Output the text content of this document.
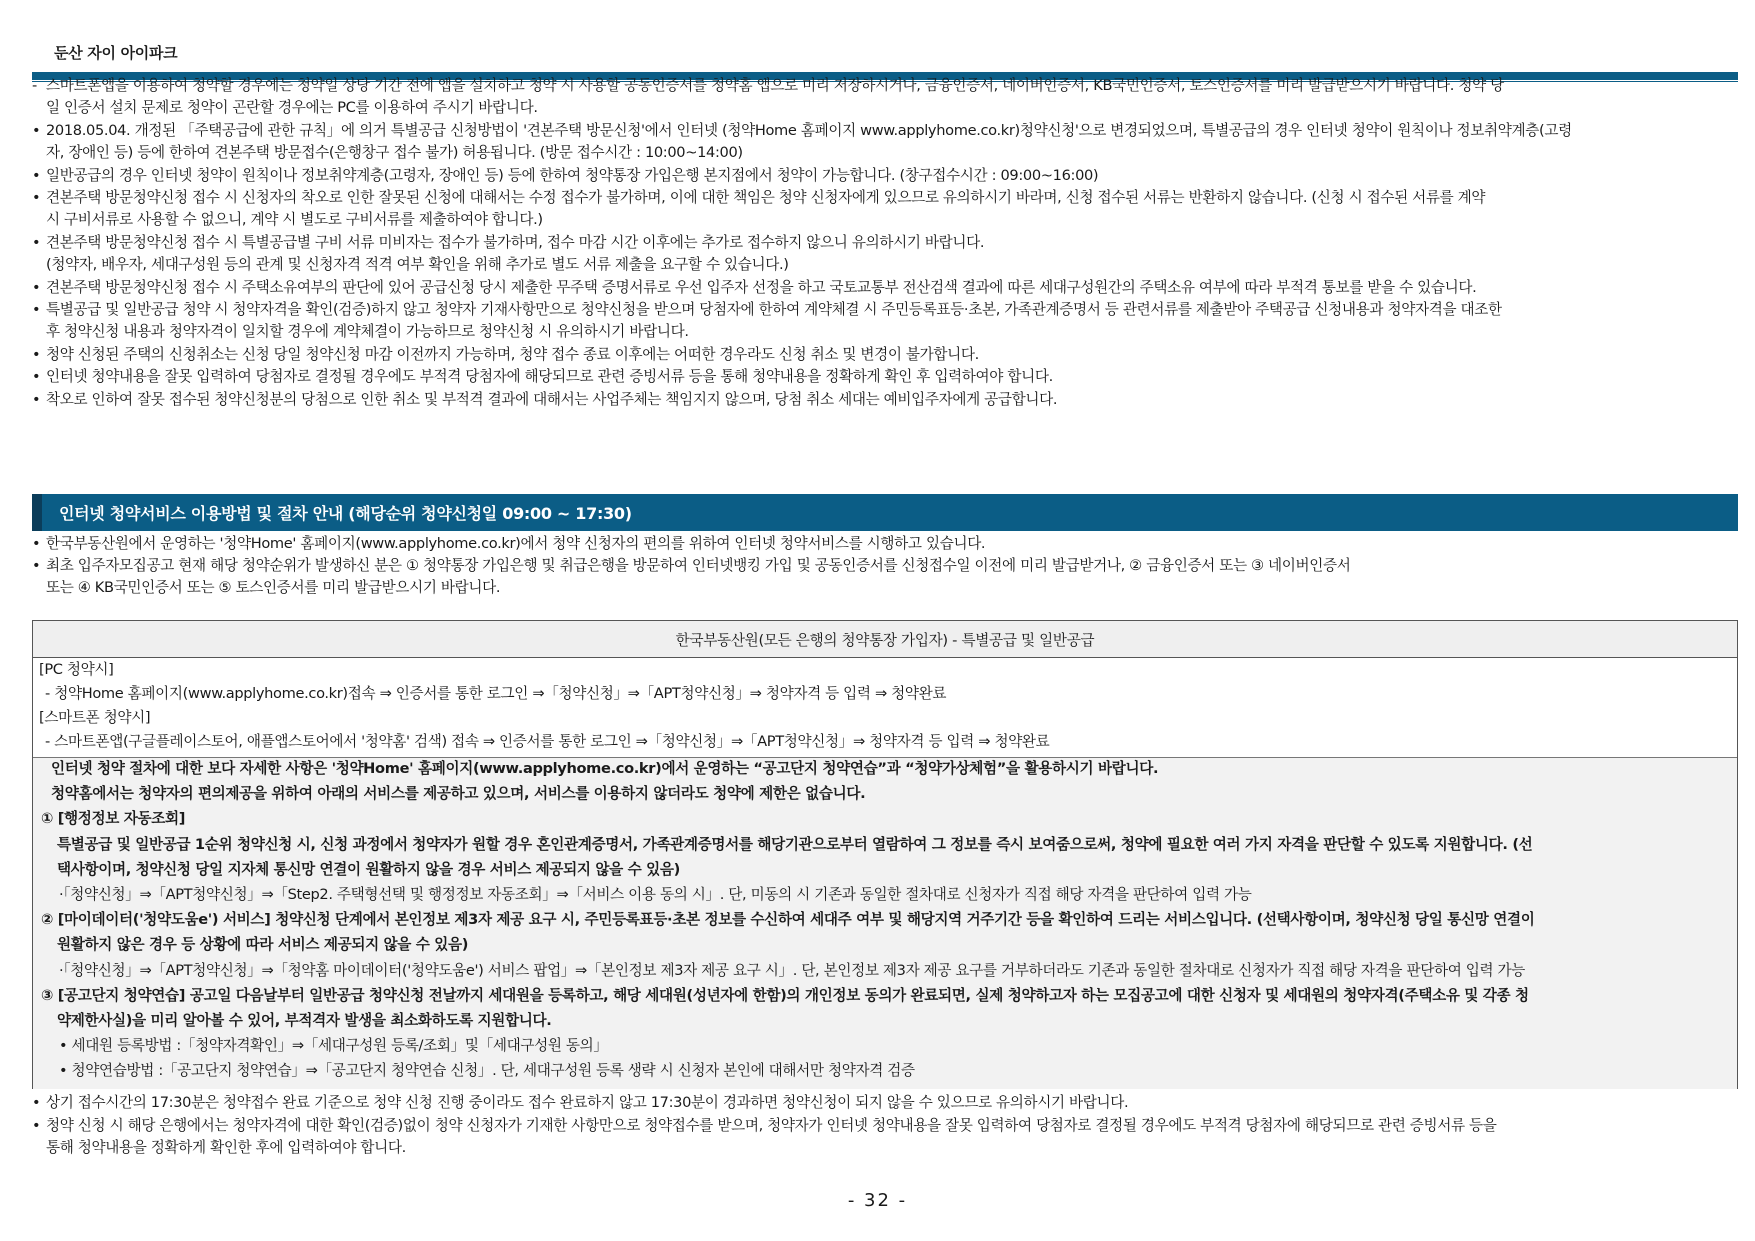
둔산 자이 아이파크
- 스마트폰앱을 이용하여 청약할 경우에는 청약일 상당 기간 전에 앱을 설치하고 청약 시 사용할 공동인증서를 청약홈 앱으로 미리 저장하시거나, 금융인증서, 네이버인증서, KB국민인증서, 토스인증서를 미리 발급받으시기 바랍니다. 청약 당
일 인증서 설치 문제로 청약이 곤란할 경우에는 PC를 이용하여 주시기 바랍니다.
• 2018.05.04. 개정된 「주택공급에 관한 규칙」에 의거 특별공급 신청방법이 '견본주택 방문신청'에서 인터넷 (청약Home 홈페이지 www.applyhome.co.kr)청약신청'으로 변경되었으며, 특별공급의 경우 인터넷 청약이 원칙이나 정보취약계층(고령
자, 장애인 등) 등에 한하여 견본주택 방문접수(은행창구 접수 불가) 허용됩니다. (방문 접수시간 : 10:00~14:00)
• 일반공급의 경우 인터넷 청약이 원칙이나 정보취약계층(고령자, 장애인 등) 등에 한하여 청약통장 가입은행 본지점에서 청약이 가능합니다. (창구접수시간 : 09:00~16:00)
• 견본주택 방문청약신청 접수 시 신청자의 착오로 인한 잘못된 신청에 대해서는 수정 접수가 불가하며, 이에 대한 책임은 청약 신청자에게 있으므로 유의하시기 바라며, 신청 접수된 서류는 반환하지 않습니다. (신청 시 접수된 서류를 계약
시 구비서류로 사용할 수 없으니, 계약 시 별도로 구비서류를 제출하여야 합니다.)
• 견본주택 방문청약신청 접수 시 특별공급별 구비 서류 미비자는 접수가 불가하며, 접수 마감 시간 이후에는 추가로 접수하지 않으니 유의하시기 바랍니다.
(청약자, 배우자, 세대구성원 등의 관계 및 신청자격 적격 여부 확인을 위해 추가로 별도 서류 제출을 요구할 수 있습니다.)
• 견본주택 방문청약신청 접수 시 주택소유여부의 판단에 있어 공급신청 당시 제출한 무주택 증명서류로 우선 입주자 선정을 하고 국토교통부 전산검색 결과에 따른 세대구성원간의 주택소유 여부에 따라 부적격 통보를 받을 수 있습니다.
• 특별공급 및 일반공급 청약 시 청약자격을 확인(검증)하지 않고 청약자 기재사항만으로 청약신청을 받으며 당첨자에 한하여 계약체결 시 주민등록표등·초본, 가족관계증명서 등 관련서류를 제출받아 주택공급 신청내용과 청약자격을 대조한
후 청약신청 내용과 청약자격이 일치할 경우에 계약체결이 가능하므로 청약신청 시 유의하시기 바랍니다.
• 청약 신청된 주택의 신청취소는 신청 당일 청약신청 마감 이전까지 가능하며, 청약 접수 종료 이후에는 어떠한 경우라도 신청 취소 및 변경이 불가합니다.
• 인터넷 청약내용을 잘못 입력하여 당첨자로 결정될 경우에도 부적격 당첨자에 해당되므로 관련 증빙서류 등을 통해 청약내용을 정확하게 확인 후 입력하여야 합니다.
• 착오로 인하여 잘못 접수된 청약신청분의 당첨으로 인한 취소 및 부적격 결과에 대해서는 사업주체는 책임지지 않으며, 당첨 취소 세대는 예비입주자에게 공급합니다.
인터넷 청약서비스 이용방법 및 절차 안내 (해당순위 청약신청일 09:00 ~ 17:30)
• 한국부동산원에서 운영하는 '청약Home' 홈페이지(www.applyhome.co.kr)에서 청약 신청자의 편의를 위하여 인터넷 청약서비스를 시행하고 있습니다.
• 최초 입주자모집공고 현재 해당 청약순위가 발생하신 분은 ① 청약통장 가입은행 및 취급은행을 방문하여 인터넷뱅킹 가입 및 공동인증서를 신청접수일 이전에 미리 발급받거나, ② 금융인증서 또는 ③ 네이버인증서
또는 ④ KB국민인증서 또는 ⑤ 토스인증서를 미리 발급받으시기 바랍니다.
한국부동산원(모든 은행의 청약통장 가입자) - 특별공급 및 일반공급
[PC 청약시]
- 청약Home 홈페이지(www.applyhome.co.kr)접속 ⇒ 인증서를 통한 로그인 ⇒「청약신청」⇒「APT청약신청」⇒ 청약자격 등 입력 ⇒ 청약완료
[스마트폰 청약시]
- 스마트폰앱(구글플레이스토어, 애플앱스토어에서 '청약홈' 검색) 접속 ⇒ 인증서를 통한 로그인 ⇒「청약신청」⇒「APT청약신청」⇒ 청약자격 등 입력 ⇒ 청약완료
인터넷 청약 절차에 대한 보다 자세한 사항은 '청약Home' 홈페이지(www.applyhome.co.kr)에서 운영하는 “공고단지 청약연습”과 “청약가상체험”을 활용하시기 바랍니다.
청약홈에서는 청약자의 편의제공을 위하여 아래의 서비스를 제공하고 있으며, 서비스를 이용하지 않더라도 청약에 제한은 없습니다.
① [행정정보 자동조회]
특별공급 및 일반공급 1순위 청약신청 시, 신청 과정에서 청약자가 원할 경우 혼인관계증명서, 가족관계증명서를 해당기관으로부터 열람하여 그 정보를 즉시 보여줌으로써, 청약에 필요한 여러 가지 자격을 판단할 수 있도록 지원합니다. (선
택사항이며, 청약신청 당일 지자체 통신망 연결이 원활하지 않을 경우 서비스 제공되지 않을 수 있음)
·「청약신청」⇒「APT청약신청」⇒「Step2. 주택형선택 및 행정정보 자동조회」⇒「서비스 이용 동의 시」. 단, 미동의 시 기존과 동일한 절차대로 신청자가 직접 해당 자격을 판단하여 입력 가능
② [마이데이터('청약도움e') 서비스] 청약신청 단계에서 본인정보 제3자 제공 요구 시, 주민등록표등·초본 정보를 수신하여 세대주 여부 및 해당지역 거주기간 등을 확인하여 드리는 서비스입니다. (선택사항이며, 청약신청 당일 통신망 연결이
원활하지 않은 경우 등 상황에 따라 서비스 제공되지 않을 수 있음)
·「청약신청」⇒「APT청약신청」⇒「청약홈 마이데이터('청약도움e') 서비스 팝업」⇒「본인정보 제3자 제공 요구 시」. 단, 본인정보 제3자 제공 요구를 거부하더라도 기존과 동일한 절차대로 신청자가 직접 해당 자격을 판단하여 입력 가능
③ [공고단지 청약연습] 공고일 다음날부터 일반공급 청약신청 전날까지 세대원을 등록하고, 해당 세대원(성년자에 한함)의 개인정보 동의가 완료되면, 실제 청약하고자 하는 모집공고에 대한 신청자 및 세대원의 청약자격(주택소유 및 각종 청
약제한사실)을 미리 알아볼 수 있어, 부적격자 발생을 최소화하도록 지원합니다.
• 세대원 등록방법 :「청약자격확인」⇒「세대구성원 등록/조회」및「세대구성원 동의」
• 청약연습방법 :「공고단지 청약연습」⇒「공고단지 청약연습 신청」. 단, 세대구성원 등록 생략 시 신청자 본인에 대해서만 청약자격 검증
• 상기 접수시간의 17:30분은 청약접수 완료 기준으로 청약 신청 진행 중이라도 접수 완료하지 않고 17:30분이 경과하면 청약신청이 되지 않을 수 있으므로 유의하시기 바랍니다.
• 청약 신청 시 해당 은행에서는 청약자격에 대한 확인(검증)없이 청약 신청자가 기재한 사항만으로 청약접수를 받으며, 청약자가 인터넷 청약내용을 잘못 입력하여 당첨자로 결정될 경우에도 부적격 당첨자에 해당되므로 관련 증빙서류 등을
통해 청약내용을 정확하게 확인한 후에 입력하여야 합니다.
- 32 -
